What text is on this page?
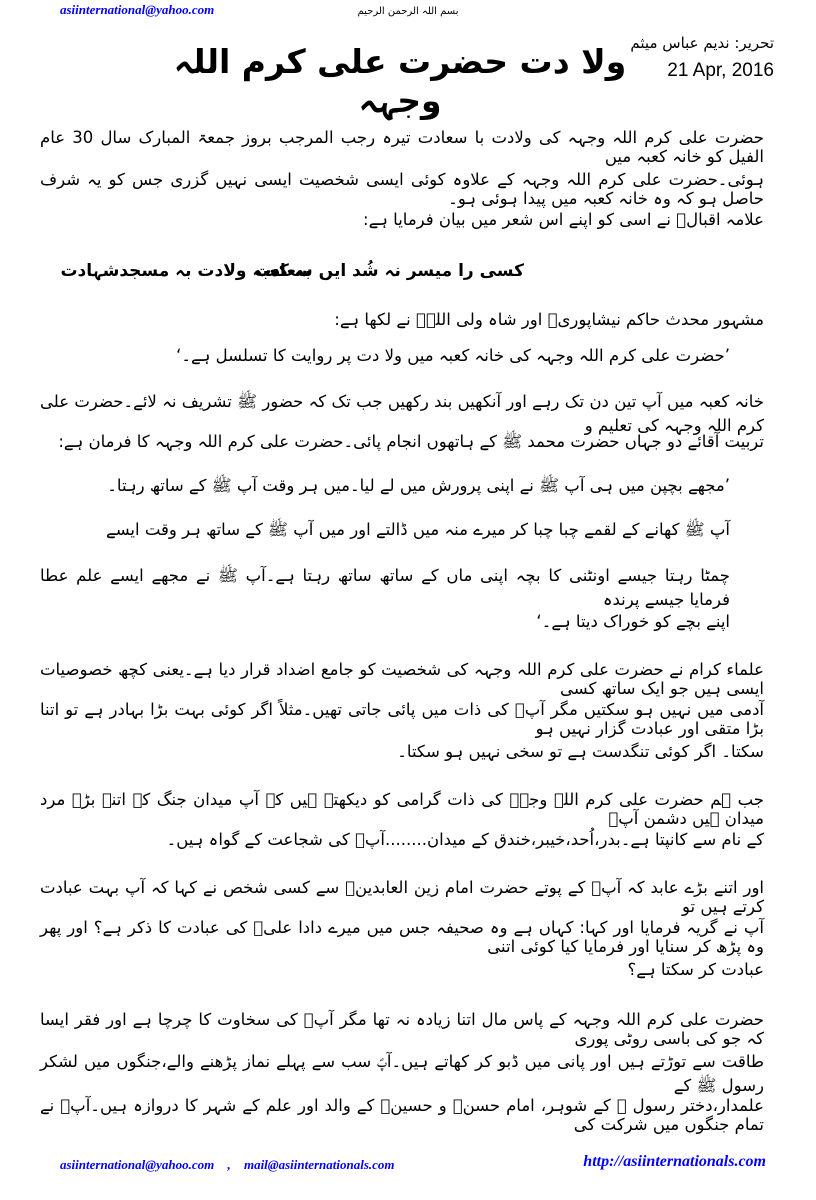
asiinternational@yahoo.com	بسم اللہ الرحمن الرحیم
تحریر: ندیم عباس میثم
21 Apr, 2016
ولا دت حضرت علی کرم اللہ وجہہ
حضرت علی کرم اللہ وجہہ کی ولادت با سعادت تیرہ رجب المرجب بروز جمعۃ المبارک سال 30 عام الفیل کو خانہ کعبہ میں
ہوئی۔حضرت علی کرم اللہ وجہہ کے علاوہ کوئی ایسی شخصیت ایسی نہیں گزری جس کو یہ شرف حاصل ہو کہ وہ خانہ کعبہ میں پیدا ہوئی ہو۔
علامہ اقبالؒ نے اسی کو اپنے اس شعر میں بیان فرمایا ہے:
کسی را میسر نہ شُد ایں سعادت
بہ کعبہ ولادت بہ مسجدشہادت
مشہور محدث حاکم نیشاپوریؒ اور شاہ ولی اللہؒ نے لکھا ہے:
’حضرت علی کرم اللہ وجہہ کی خانہ کعبہ میں ولا دت پر روایت کا تسلسل ہے۔‘
خانہ کعبہ میں آپ تین دن تک رہے اور آنکھیں بند رکھیں جب تک کہ حضور ﷺ تشریف نہ لائے۔حضرت علی کرم اللہ وجہہ کی تعلیم و
تربیت آقائے دو جہاں حضرت محمد ﷺ کے ہاتھوں انجام پائی۔حضرت علی کرم اللہ وجہہ کا فرمان ہے:
’مجھے بچپن میں ہی آپ ﷺ نے اپنی پرورش میں لے لیا۔میں ہر وقت آپ ﷺ کے ساتھ رہتا۔
آپ ﷺ کھانے کے لقمے چبا چبا کر میرے منہ میں ڈالتے اور میں آپ ﷺ کے ساتھ ہر وقت ایسے
چمٹا رہتا جیسے اونٹنی کا بچہ اپنی ماں کے ساتھ ساتھ رہتا ہے۔آپ ﷺ نے مجھے ایسے علم عطا فرمایا جیسے پرندہ
اپنے بچے کو خوراک دیتا ہے۔‘
علماء کرام نے حضرت علی کرم اللہ وجہہ کی شخصیت کو جامع اضداد قرار دیا ہے۔یعنی کچھ خصوصیات ایسی ہیں جو ایک ساتھ کسی
آدمی میں نہیں ہو سکتیں مگر آپؑ کی ذات میں پائی جاتی تھیں۔مثلاً اگر کوئی بہت بڑا بہادر ہے تو اتنا بڑا متقی اور عبادت گزار نہیں ہو
سکتا۔ اگر کوئی تنگدست ہے تو سخی نہیں ہو سکتا۔
جب ہم حضرت علی کرم اللہ وجہہ کی ذات گرامی کو دیکھتے ہیں کہ آپ میدان جنگ کے اتنے بڑے مرد میدان ہیں دشمن آپؑ
کے نام سے کانپتا ہے۔بدر،اُحد،خیبر،خندق کے میدان........آپؑ کی شجاعت کے گواہ ہیں۔
اور اتنے بڑے عابد کہ آپؑ کے پوتے حضرت امام زین العابدینؑ سے کسی شخص نے کہا کہ آپ بہت عبادت کرتے ہیں تو
آپ نے گریہ فرمایا اور کہا: کہاں ہے وہ صحیفہ جس میں میرے دادا علیؑ کی عبادت کا ذکر ہے؟ اور پھر وہ پڑھ کر سنایا اور فرمایا کیا کوئی اتنی
عبادت کر سکتا ہے؟
حضرت علی کرم اللہ وجہہ کے پاس مال اتنا زیادہ نہ تھا مگر آپؑ کی سخاوت کا چرچا ہے اور فقر ایسا کہ جو کی باسی روٹی پوری
طاقت سے توڑتے ہیں اور پانی میں ڈبو کر کھاتے ہیں۔آپؑ سب سے پہلے نماز پڑھنے والے،جنگوں میں لشکر رسول ﷺ کے
علمدار،دختر رسول ﷺ کے شوہر، امام حسنؑ و حسینؑ کے والد اور علم کے شہر کا دروازہ ہیں۔آپؑ نے تمام جنگوں میں شرکت کی
asiinternational@yahoo.com , mail@asiinternationals.com	http://asiinternationals.com
